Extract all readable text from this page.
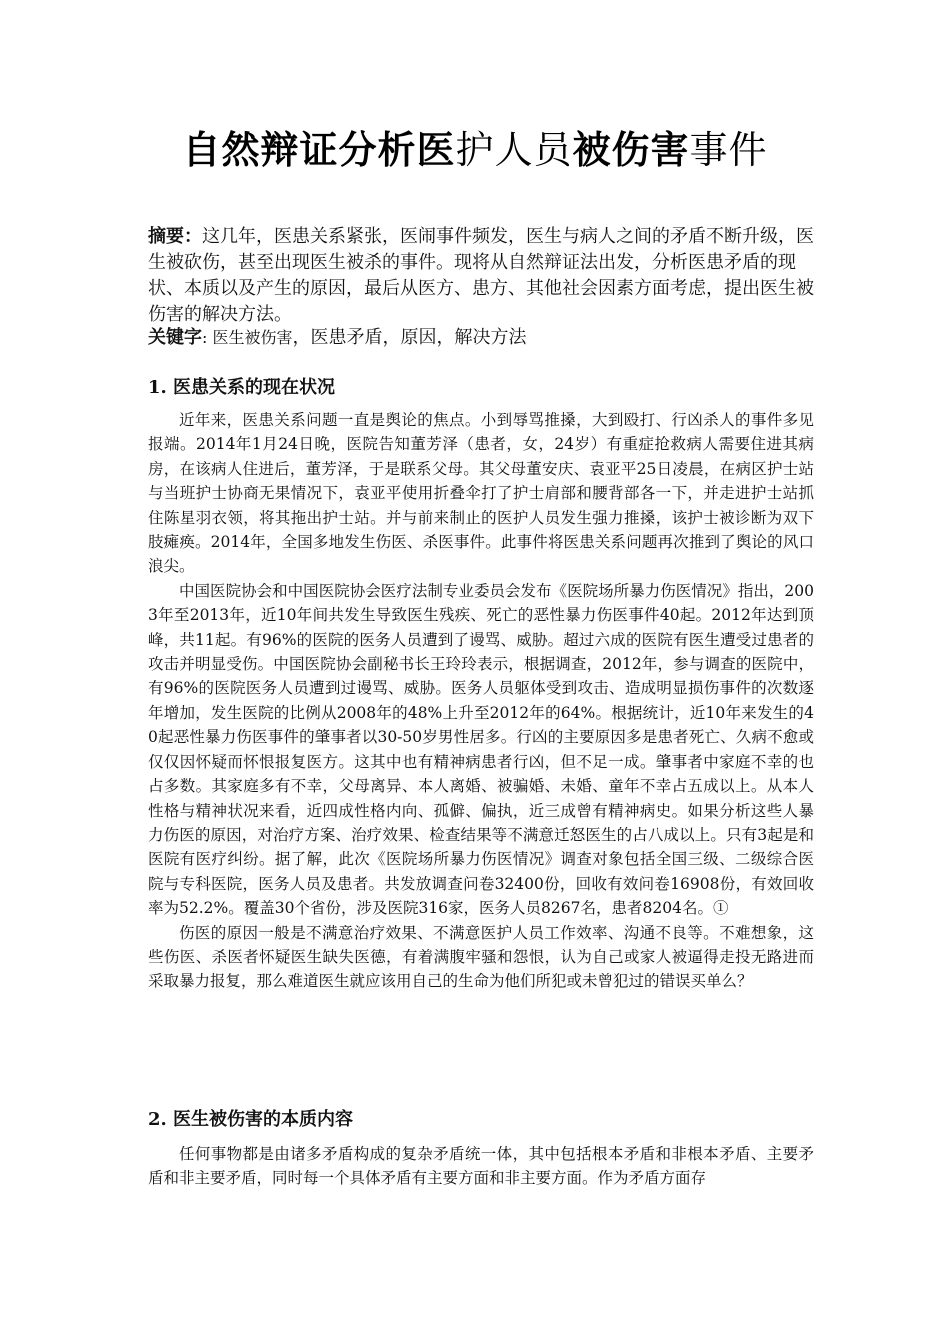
自然辩证分析医护人员被伤害事件
摘要：这几年，医患关系紧张，医闹事件频发，医生与病人之间的矛盾不断升级，医生被砍伤，甚至出现医生被杀的事件。现将从自然辩证法出发，分析医患矛盾的现状、本质以及产生的原因，最后从医方、患方、其他社会因素方面考虑，提出医生被伤害的解决方法。
关键字: 医生被伤害，医患矛盾，原因，解决方法
1. 医患关系的现在状况

近年来，医患关系问题一直是舆论的焦点。小到辱骂推搡，大到殴打、行凶杀人的事件多见报端。2014年1月24日晚，医院告知董芳泽（患者，女，24岁）有重症抢救病人需要住进其病房，在该病人住进后，董芳泽，于是联系父母。其父母董安庆、袁亚平25日凌晨，在病区护士站与当班护士协商无果情况下，袁亚平使用折叠伞打了护士肩部和腰背部各一下，并走进护士站抓住陈星羽衣领，将其拖出护士站。并与前来制止的医护人员发生强力推搡，该护士被诊断为双下肢瘫痪。2014年，全国多地发生伤医、杀医事件。此事件将医患关系问题再次推到了舆论的风口浪尖。

中国医院协会和中国医院协会医疗法制专业委员会发布《医院场所暴力伤医情况》指出，2003年至2013年，近10年间共发生导致医生残疾、死亡的恶性暴力伤医事件40起。2012年达到顶峰，共11起。有96%的医院的医务人员遭到了谩骂、威胁。超过六成的医院有医生遭受过患者的攻击并明显受伤。中国医院协会副秘书长王玲玲表示，根据调查，2012年，参与调查的医院中，有96%的医院医务人员遭到过谩骂、威胁。医务人员躯体受到攻击、造成明显损伤事件的次数逐年增加，发生医院的比例从2008年的48%上升至2012年的64%。根据统计，近10年来发生的40起恶性暴力伤医事件的肇事者以30-50岁男性居多。行凶的主要原因多是患者死亡、久病不愈或仅仅因怀疑而怀恨报复医方。这其中也有精神病患者行凶，但不足一成。肇事者中家庭不幸的也占多数。其家庭多有不幸，父母离异、本人离婚、被骗婚、未婚、童年不幸占五成以上。从本人性格与精神状况来看，近四成性格内向、孤僻、偏执，近三成曾有精神病史。如果分析这些人暴力伤医的原因，对治疗方案、治疗效果、检查结果等不满意迁怒医生的占八成以上。只有3起是和医院有医疗纠纷。据了解，此次《医院场所暴力伤医情况》调查对象包括全国三级、二级综合医院与专科医院，医务人员及患者。共发放调查问卷32400份，回收有效问卷16908份，有效回收率为52.2%。覆盖30个省份，涉及医院316家，医务人员8267名，患者8204名。①

伤医的原因一般是不满意治疗效果、不满意医护人员工作效率、沟通不良等。不难想象，这些伤医、杀医者怀疑医生缺失医德，有着满腹牢骚和怨恨，认为自己或家人被逼得走投无路进而采取暴力报复，那么难道医生就应该用自己的生命为他们所犯或未曾犯过的错误买单么？

2. 医生被伤害的本质内容

任何事物都是由诸多矛盾构成的复杂矛盾统一体，其中包括根本矛盾和非根本矛盾、主要矛盾和非主要矛盾，同时每一个具体矛盾有主要方面和非主要方面。作为矛盾方面存
